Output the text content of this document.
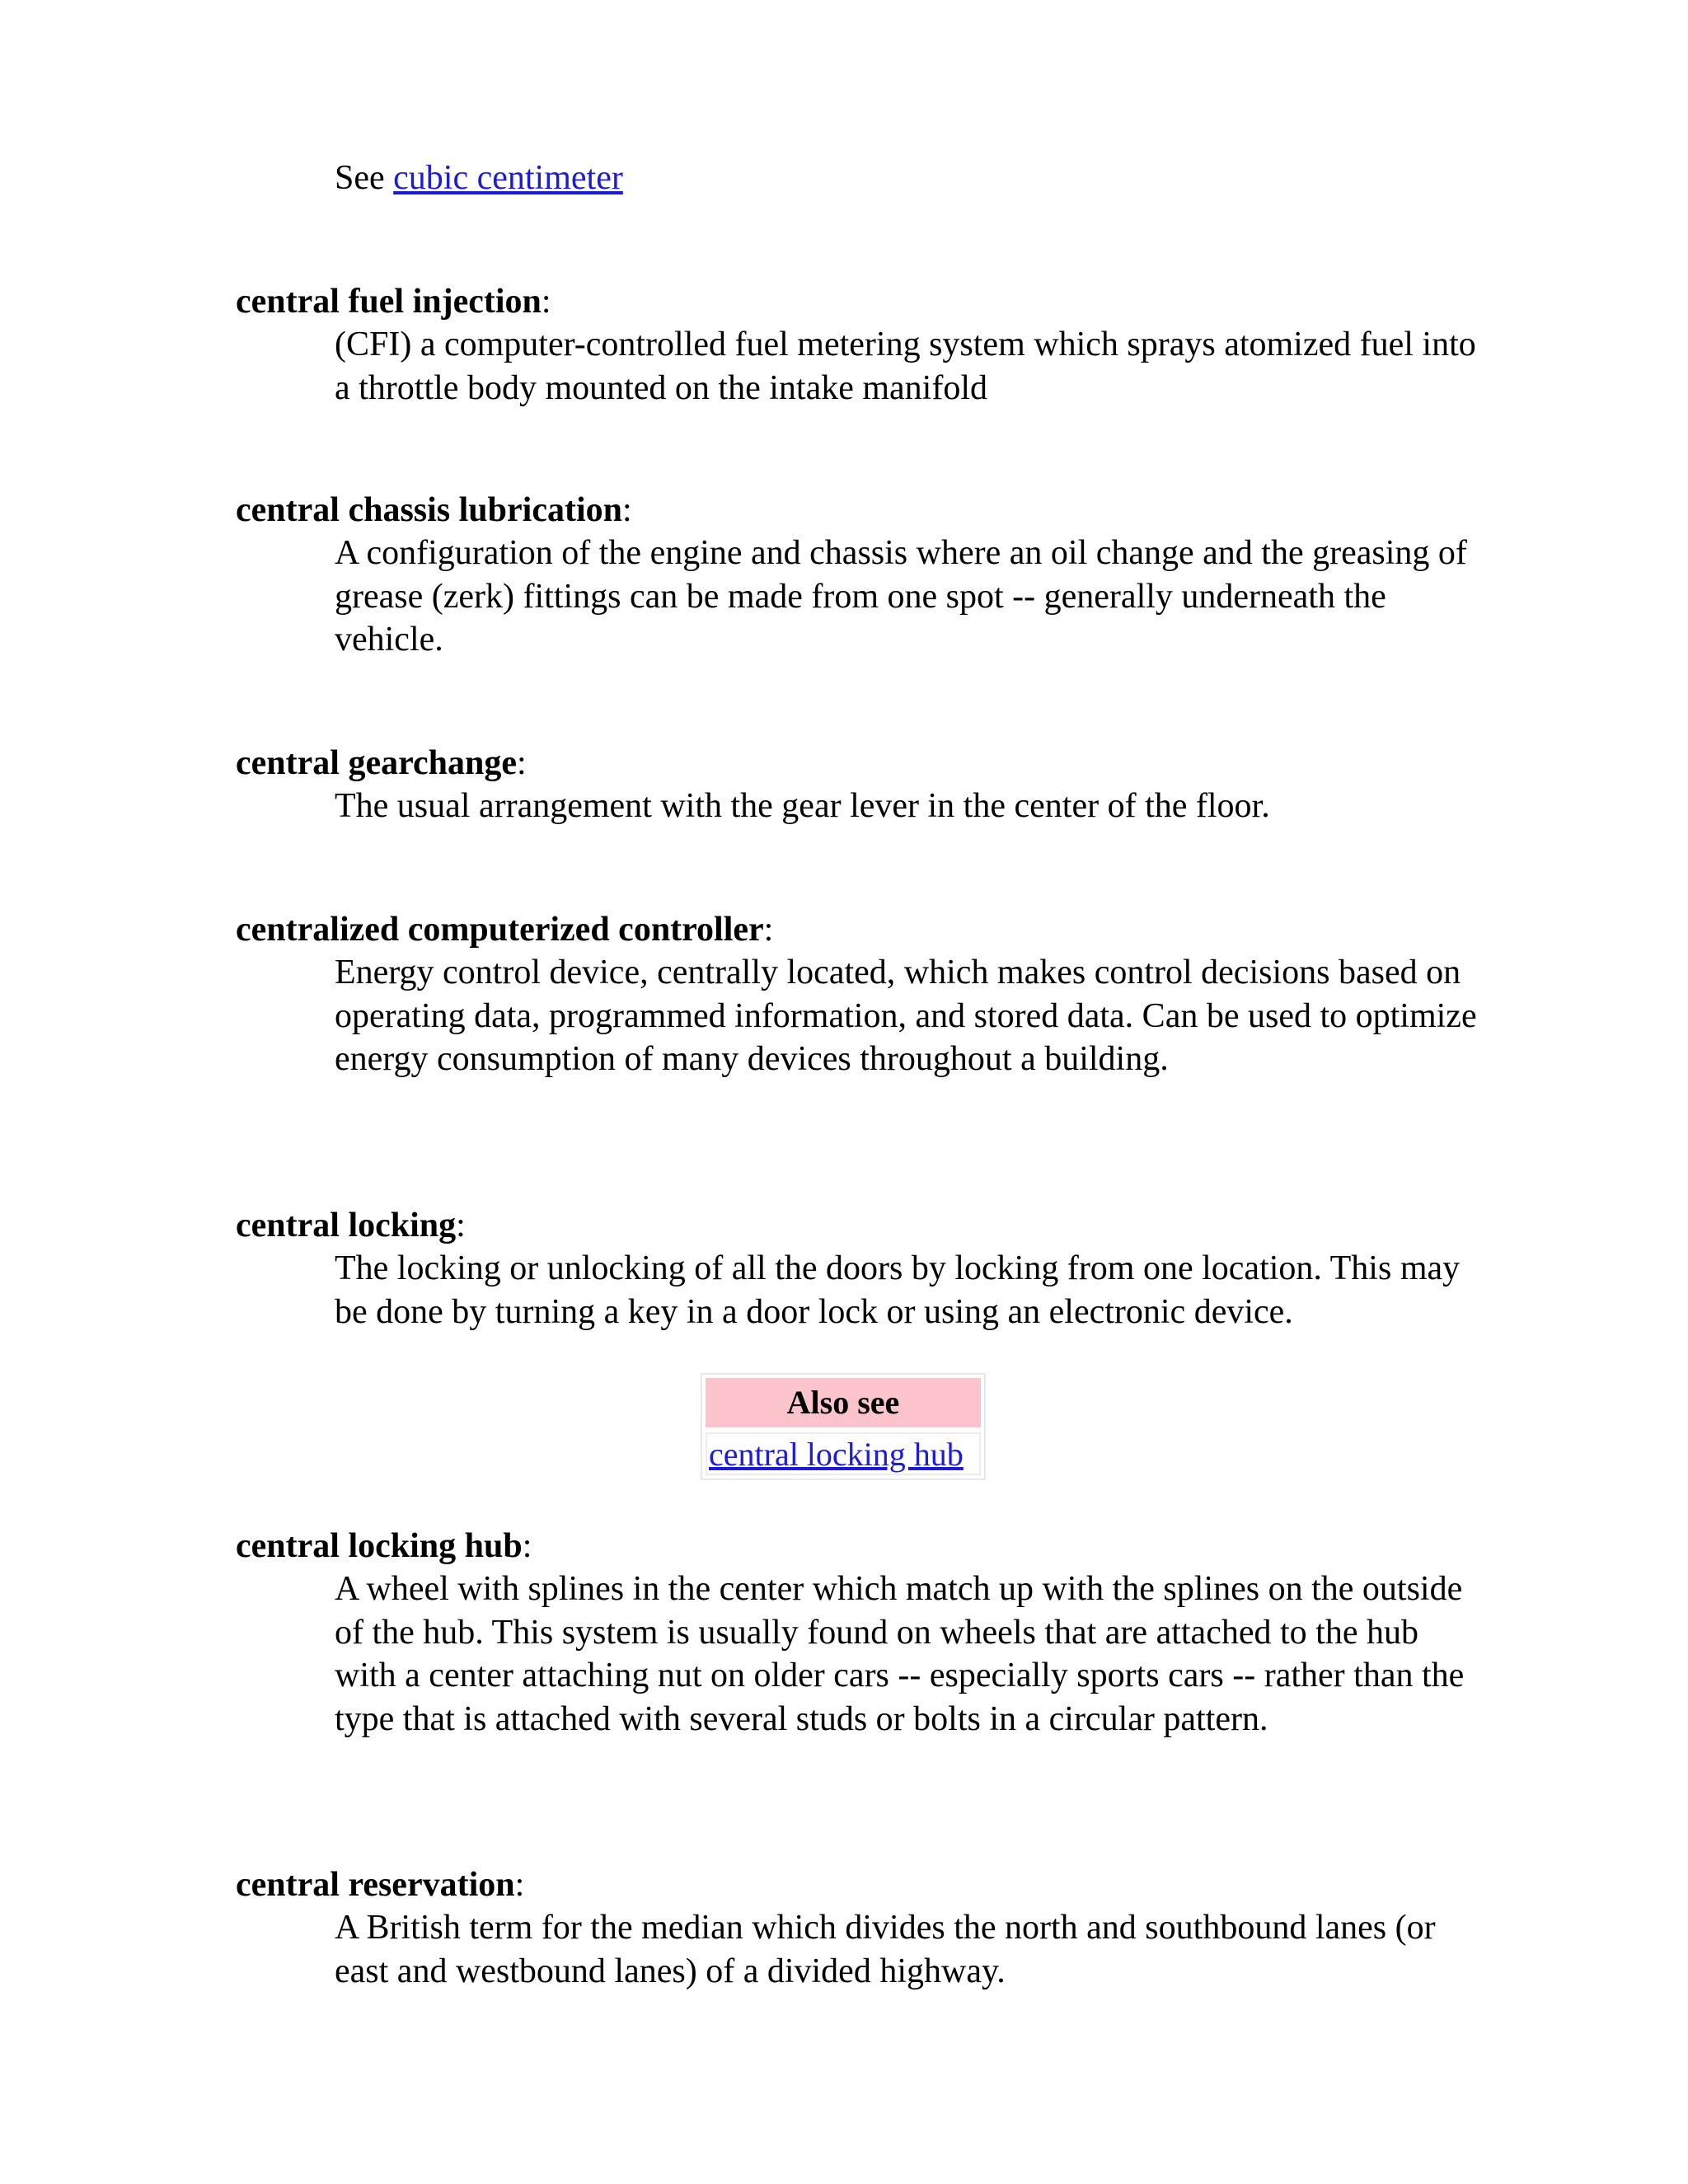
See cubic centimeter
central fuel injection:
(CFI) a computer-controlled fuel metering system which sprays atomized fuel into a throttle body mounted on the intake manifold
central chassis lubrication:
A configuration of the engine and chassis where an oil change and the greasing of grease (zerk) fittings can be made from one spot -- generally underneath the vehicle.
central gearchange:
The usual arrangement with the gear lever in the center of the floor.
centralized computerized controller:
Energy control device, centrally located, which makes control decisions based on operating data, programmed information, and stored data. Can be used to optimize energy consumption of many devices throughout a building.
central locking:
The locking or unlocking of all the doors by locking from one location. This may be done by turning a key in a door lock or using an electronic device.
Also see
central locking hub
central locking hub:
A wheel with splines in the center which match up with the splines on the outside of the hub. This system is usually found on wheels that are attached to the hub with a center attaching nut on older cars -- especially sports cars -- rather than the type that is attached with several studs or bolts in a circular pattern.
central reservation:
A British term for the median which divides the north and southbound lanes (or east and westbound lanes) of a divided highway.
